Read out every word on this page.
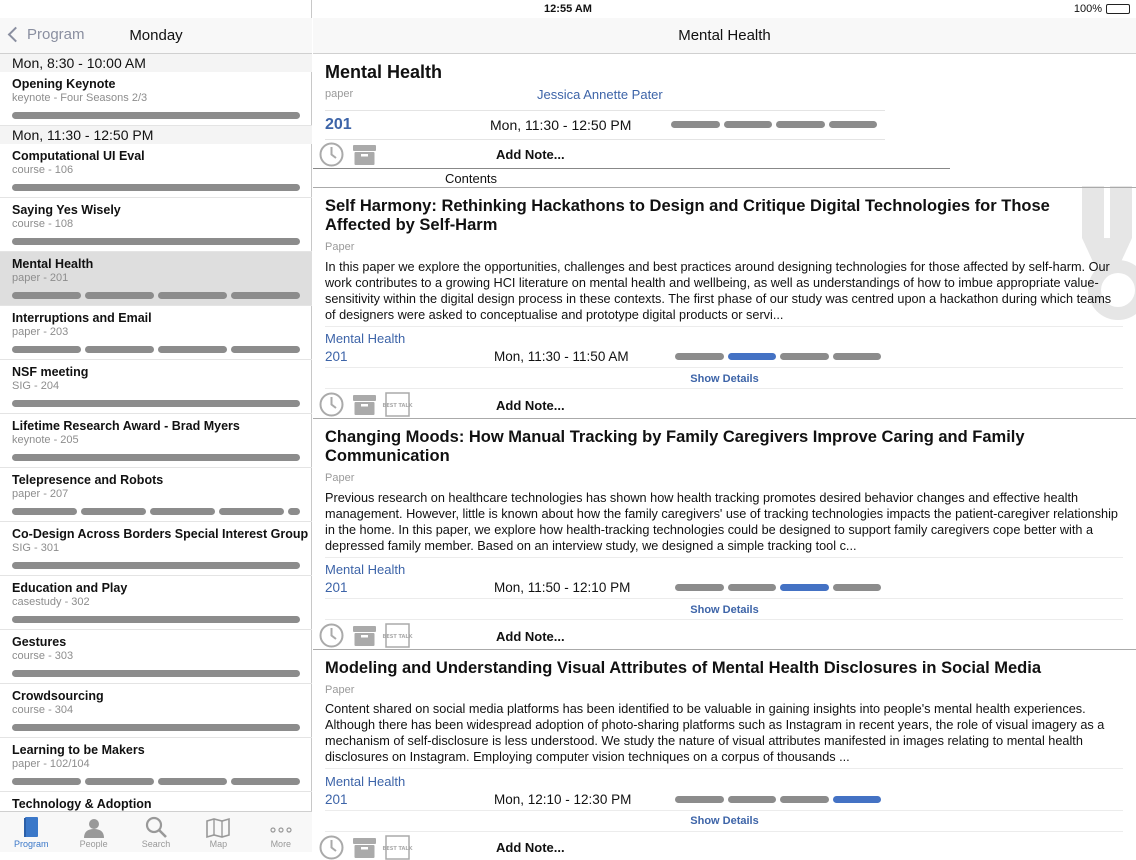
12:55 AM	100%
Program	Monday
Mon, 8:30 - 10:00 AM
Opening Keynote
keynote - Four Seasons 2/3
Mon, 11:30 - 12:50 PM
Computational UI Eval
course - 106
Saying Yes Wisely
course - 108
Mental Health
paper - 201
Interruptions and Email
paper - 203
NSF meeting
SIG - 204
Lifetime Research Award - Brad Myers
keynote - 205
Telepresence and Robots
paper - 207
Co-Design Across Borders Special Interest Group
SIG - 301
Education and Play
casestudy - 302
Gestures
course - 303
Crowdsourcing
course - 304
Learning to be Makers
paper - 102/104
Technology & Adoption
Program	People	Search	Map	More
Mental Health
Mental Health
paper	Jessica Annette Pater
201	Mon, 11:30 - 12:50 PM
Add Note...
Contents
Self Harmony: Rethinking Hackathons to Design and Critique Digital Technologies for Those Affected by Self-Harm
Paper
In this paper we explore the opportunities, challenges and best practices around designing technologies for those affected by self-harm. Our work contributes to a growing HCI literature on mental health and wellbeing, as well as understandings of how to imbue appropriate value-sensitivity within the digital design process in these contexts. The first phase of our study was centred upon a hackathon during which teams of designers were asked to conceptualise and prototype digital products or servi...
Mental Health
201	Mon, 11:30 - 11:50 AM
Show Details
BEST TALK	Add Note...
Changing Moods: How Manual Tracking by Family Caregivers Improve Caring and Family Communication
Paper
Previous research on healthcare technologies has shown how health tracking promotes desired behavior changes and effective health management. However, little is known about how the family caregivers' use of tracking technologies impacts the patient-caregiver relationship in the home. In this paper, we explore how health-tracking technologies could be designed to support family caregivers cope better with a depressed family member. Based on an interview study, we designed a simple tracking tool c...
Mental Health
201	Mon, 11:50 - 12:10 PM
Show Details
BEST TALK	Add Note...
Modeling and Understanding Visual Attributes of Mental Health Disclosures in Social Media
Paper
Content shared on social media platforms has been identified to be valuable in gaining insights into people's mental health experiences. Although there has been widespread adoption of photo-sharing platforms such as Instagram in recent years, the role of visual imagery as a mechanism of self-disclosure is less understood. We study the nature of visual attributes manifested in images relating to mental health disclosures on Instagram. Employing computer vision techniques on a corpus of thousands ...
Mental Health
201	Mon, 12:10 - 12:30 PM
Show Details
BEST TALK	Add Note...
